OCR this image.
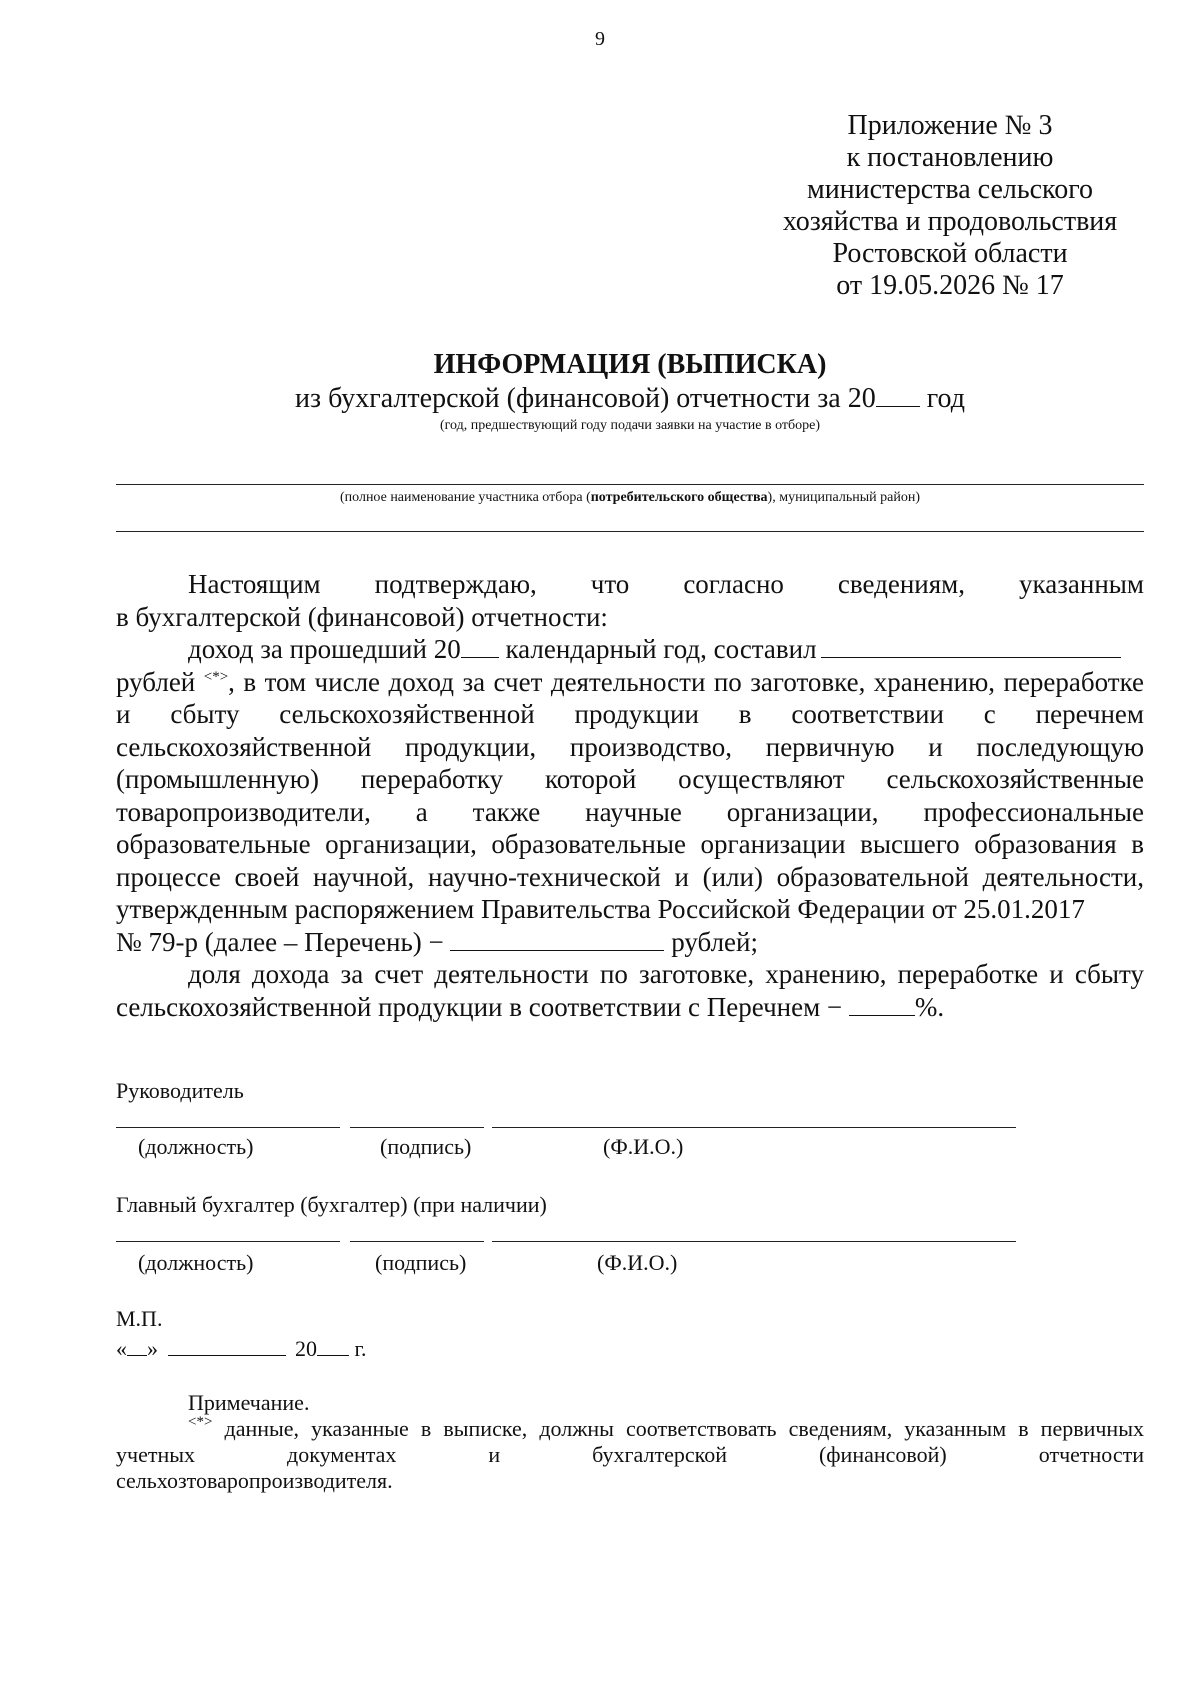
9
Приложение № 3
к постановлению
министерства сельского
хозяйства и продовольствия
Ростовской области
от 19.05.2026 № 17
ИНФОРМАЦИЯ (ВЫПИСКА)
из бухгалтерской (финансовой) отчетности за 20 год
(год, предшествующий году подачи заявки на участие в отборе)
(полное наименование участника отбора (потребительского общества), муниципальный район)

Настоящим подтверждаю, что согласно сведениям, указанным

в бухгалтерской (финансовой) отчетности:

доход за прошедший 20 календарный год, составил

рублей <*>, в том числе доход за счет деятельности по заготовке, хранению, переработке и сбыту сельскохозяйственной продукции в соответствии с перечнем сельскохозяйственной продукции, производство, первичную и последующую (промышленную) переработку которой осуществляют сельскохозяйственные товаропроизводители, а также научные организации, профессиональные образовательные организации, образовательные организации высшего образования в процессе своей научной, научно-технической и (или) образовательной деятельности, утвержденным распоряжением Правительства Российской Федерации от 25.01.2017

№ 79-р (далее – Перечень) −	рублей;

доля дохода за счет деятельности по заготовке, хранению, переработке и сбыту

сельскохозяйственной продукции в соответствии с Перечнем − %.

Руководитель
(должность)	(подпись)	(Ф.И.О.)
Главный бухгалтер (бухгалтер) (при наличии)
(должность)	(подпись)	(Ф.И.О.)
М.П.
« »	20 г.

Примечание.

<*> данные, указанные в выписке, должны соответствовать сведениям, указанным в первичных учетных документах и бухгалтерской (финансовой) отчетности

сельхозтоваропроизводителя.
